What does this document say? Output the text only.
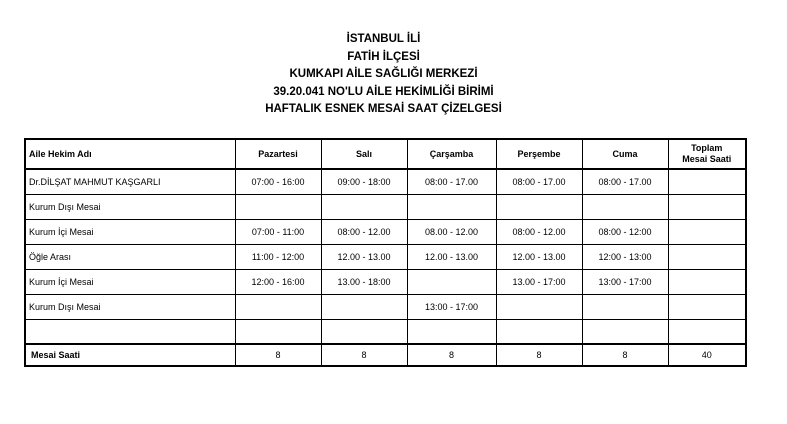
İSTANBUL İLİ
FATİH İLÇESİ
KUMKAPI AİLE SAĞLIĞI MERKEZİ
39.20.041 NO'LU AİLE HEKİMLİĞİ BİRİMİ
HAFTALIK ESNEK MESAİ SAAT ÇİZELGESİ
Aile Hekim Adı	Pazartesi	Salı	Çarşamba	Perşembe	Cuma	Toplam
Mesai Saati
Dr.DİLŞAT MAHMUT KAŞGARLI	07:00 - 16:00	09:00 - 18:00	08:00 - 17.00	08:00 - 17.00	08:00 - 17.00	
Kurum Dışı Mesai						
Kurum İçi Mesai	07:00 - 11:00	08:00 - 12.00	08.00 - 12.00	08:00 - 12.00	08:00 - 12:00	
Öğle Arası	11:00 - 12:00	12.00 - 13.00	12.00 - 13.00	12.00 - 13.00	12:00 - 13:00	
Kurum İçi Mesai	12:00 - 16:00	13.00 - 18:00		13.00 - 17:00	13:00 - 17:00	
Kurum Dışı Mesai			13:00 - 17:00			

Mesai Saati	8	8	8	8	8	40
